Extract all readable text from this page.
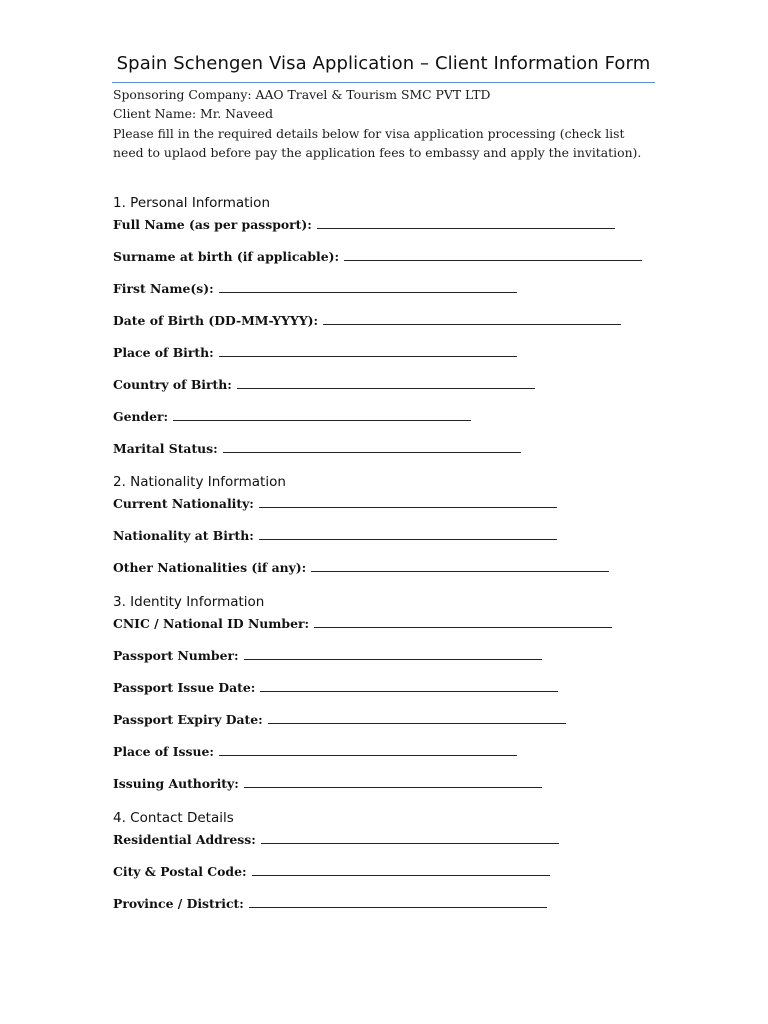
Spain Schengen Visa Application – Client Information Form

Sponsoring Company: AAO Travel & Tourism SMC PVT LTD

Client Name: Mr. Naveed

Please fill in the required details below for visa application processing (check list need to uplaod before pay the application fees to embassy and apply the invitation).

1. Personal Information
Full Name (as per passport):
Surname at birth (if applicable):
First Name(s):
Date of Birth (DD-MM-YYYY):
Place of Birth:
Country of Birth:
Gender:
Marital Status:
2. Nationality Information
Current Nationality:
Nationality at Birth:
Other Nationalities (if any):
3. Identity Information
CNIC / National ID Number:
Passport Number:
Passport Issue Date:
Passport Expiry Date:
Place of Issue:
Issuing Authority:
4. Contact Details
Residential Address:
City & Postal Code:
Province / District:
